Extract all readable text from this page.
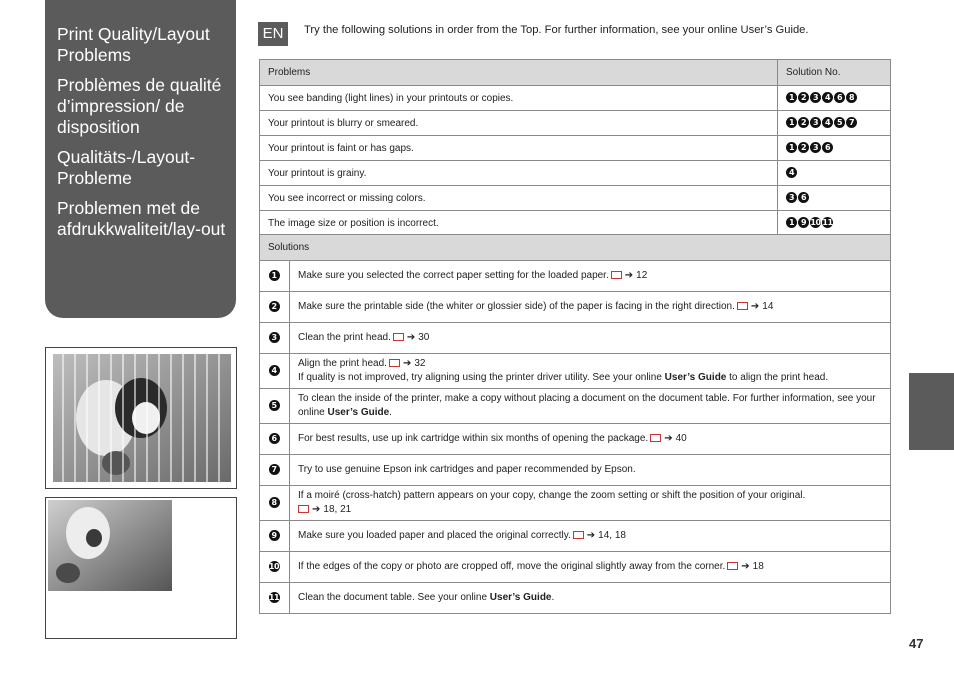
Print Quality/Layout Problems
Problèmes de qualité d’impression/ de disposition
Qualitäts-/Layout-Probleme
Problemen met de afdrukkwaliteit/lay-out
EN	Try the following solutions in order from the Top. For further information, see your online User’s Guide.
Problems	Solution No.
You see banding (light lines) in your printouts or copies.	1 2 3 4 6 8
Your printout is blurry or smeared.	1 2 3 4 5 7
Your printout is faint or has gaps.	1 2 3 6
Your printout is grainy.	4
You see incorrect or missing colors.	3 6
The image size or position is incorrect.	1 9 10 11
Solutions	
1	Make sure you selected the correct paper setting for the loaded paper. ➔ 12
2	Make sure the printable side (the whiter or glossier side) of the paper is facing in the right direction. ➔ 14
3	Clean the print head. ➔ 30
4	Align the print head. ➔ 32
If quality is not improved, try aligning using the printer driver utility. See your online User’s Guide to align the print head.
5	To clean the inside of the printer, make a copy without placing a document on the document table. For further information, see your online User’s Guide.
6	For best results, use up ink cartridge within six months of opening the package. ➔ 40
7	Try to use genuine Epson ink cartridges and paper recommended by Epson.
8	If a moiré (cross-hatch) pattern appears on your copy, change the zoom setting or shift the position of your original.
➔ 18, 21
9	Make sure you loaded paper and placed the original correctly. ➔ 14, 18
10	If the edges of the copy or photo are cropped off, move the original slightly away from the corner. ➔ 18
11	Clean the document table. See your online User’s Guide.
47
